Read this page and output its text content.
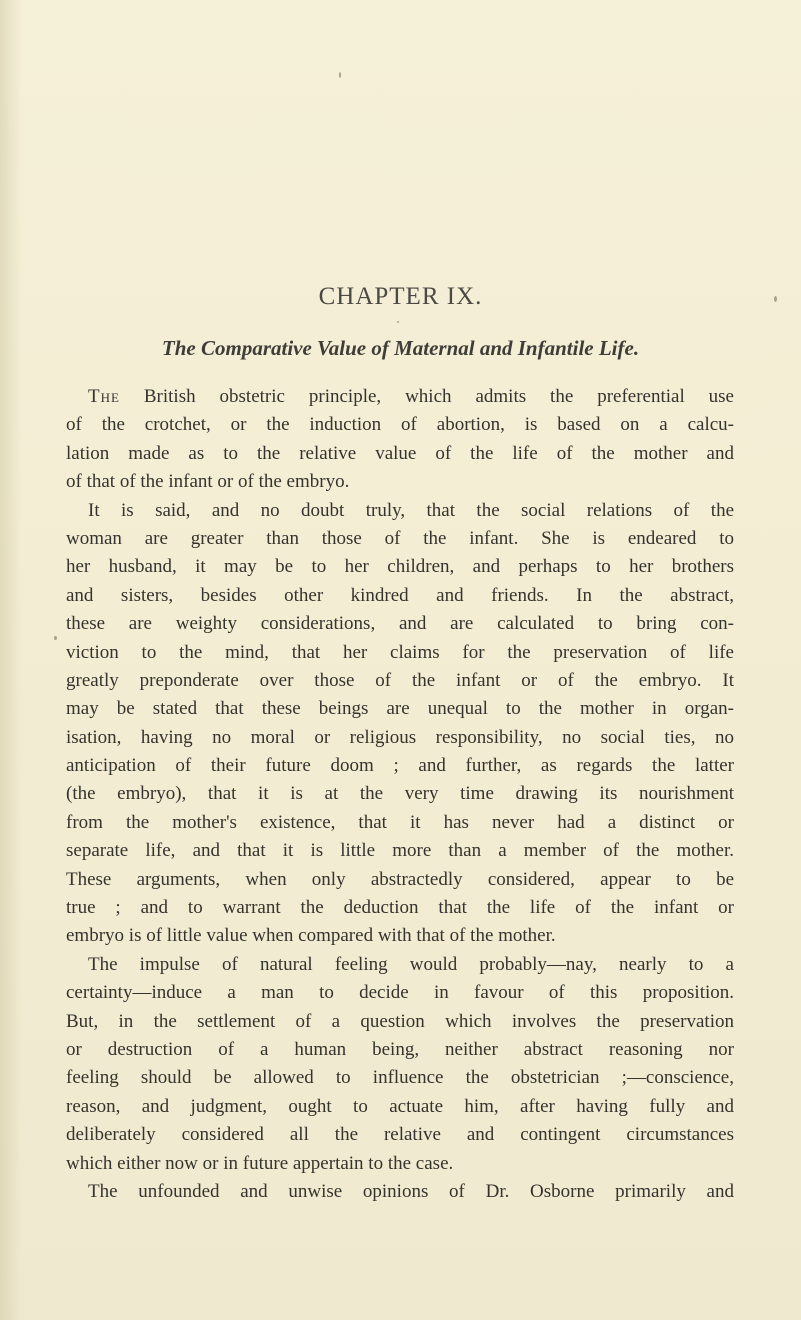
CHAPTER IX.
The Comparative Value of Maternal and Infantile Life.
The British obstetric principle, which admits the preferential use
of the crotchet, or the induction of abortion, is based on a calcu-
lation made as to the relative value of the life of the mother and
of that of the infant or of the embryo.
It is said, and no doubt truly, that the social relations of the
woman are greater than those of the infant. She is endeared to
her husband, it may be to her children, and perhaps to her brothers
and sisters, besides other kindred and friends. In the abstract,
these are weighty considerations, and are calculated to bring con-
viction to the mind, that her claims for the preservation of life
greatly preponderate over those of the infant or of the embryo. It
may be stated that these beings are unequal to the mother in organ-
isation, having no moral or religious responsibility, no social ties, no
anticipation of their future doom ; and further, as regards the latter
(the embryo), that it is at the very time drawing its nourishment
from the mother's existence, that it has never had a distinct or
separate life, and that it is little more than a member of the mother.
These arguments, when only abstractedly considered, appear to be
true ; and to warrant the deduction that the life of the infant or
embryo is of little value when compared with that of the mother.
The impulse of natural feeling would probably—nay, nearly to a
certainty—induce a man to decide in favour of this proposition.
But, in the settlement of a question which involves the preservation
or destruction of a human being, neither abstract reasoning nor
feeling should be allowed to influence the obstetrician ;—conscience,
reason, and judgment, ought to actuate him, after having fully and
deliberately considered all the relative and contingent circumstances
which either now or in future appertain to the case.
The unfounded and unwise opinions of Dr. Osborne primarily and
